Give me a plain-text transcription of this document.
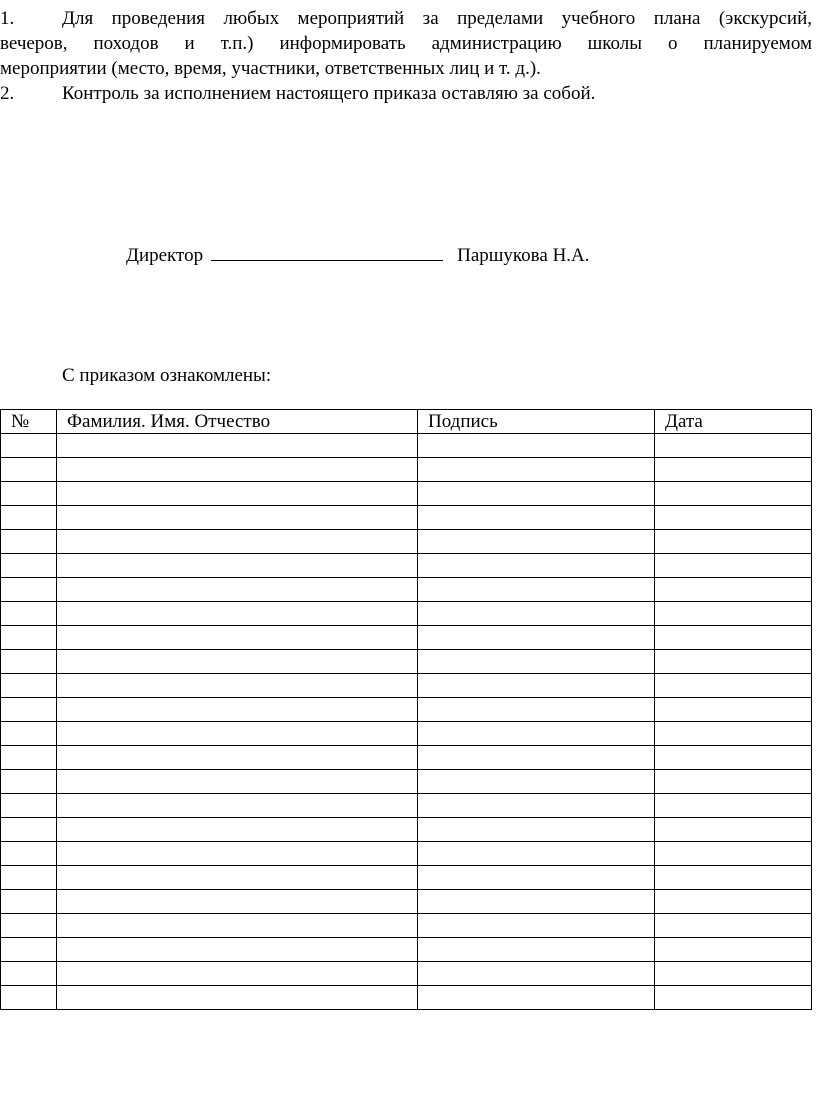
1.	Для проведения любых мероприятий за пределами учебного плана (экскурсий,
вечеров, походов и т.п.) информировать администрацию школы о планируемом
мероприятии (место, время, участники, ответственных лиц и т. д.).
2.	Контроль за исполнением настоящего приказа оставляю за собой.
Директор	Паршукова Н.А.
С приказом ознакомлены:
№	Фамилия. Имя. Отчество	Подпись	Дата
